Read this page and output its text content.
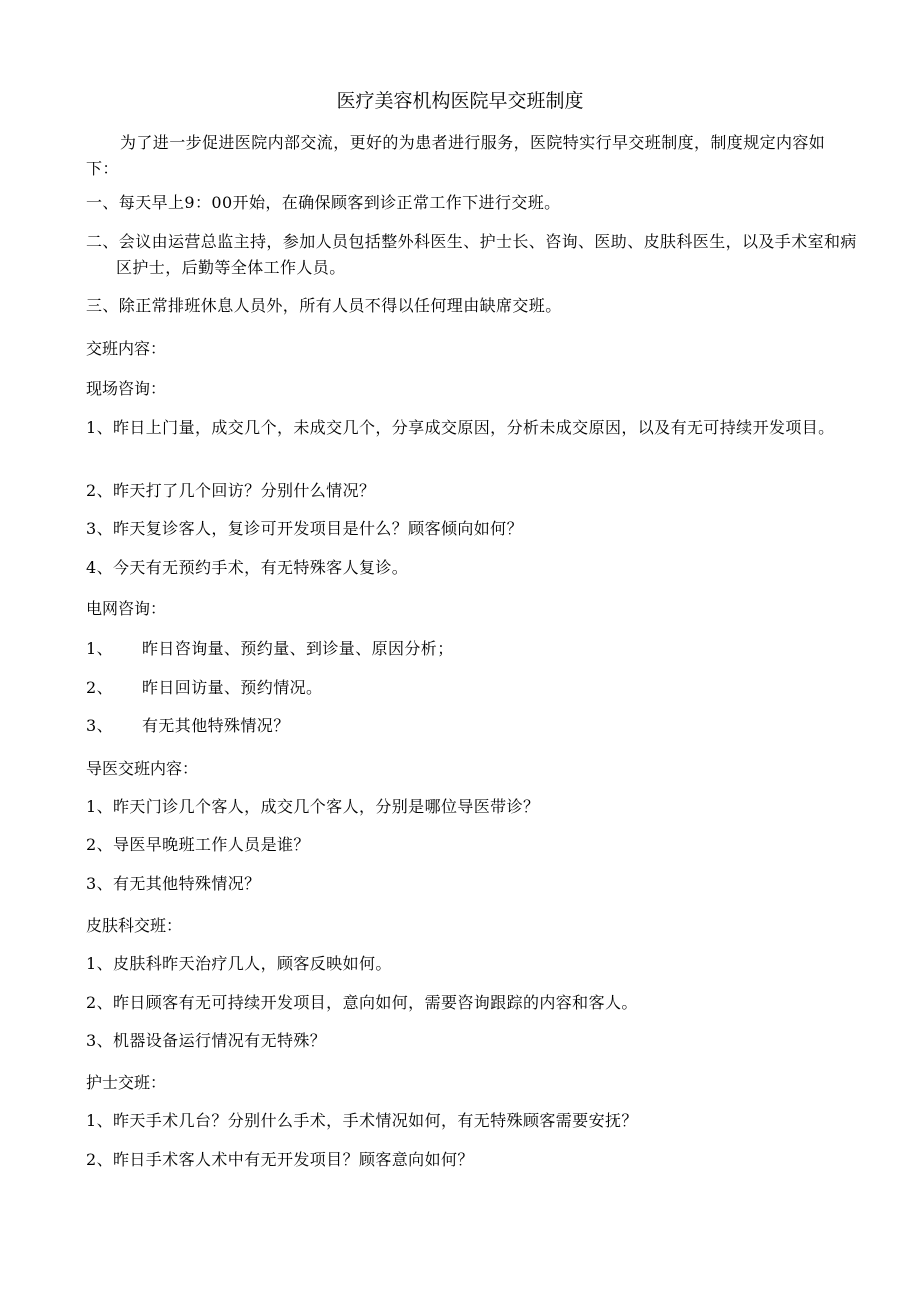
医疗美容机构医院早交班制度
为了进一步促进医院内部交流，更好的为患者进行服务，医院特实行早交班制度，制度规定内容如下：
一、每天早上9：00开始，在确保顾客到诊正常工作下进行交班。
二、会议由运营总监主持，参加人员包括整外科医生、护士长、咨询、医助、皮肤科医生，以及手术室和病区护士，后勤等全体工作人员。
三、除正常排班休息人员外，所有人员不得以任何理由缺席交班。
交班内容：
现场咨询：
1、昨日上门量，成交几个，未成交几个，分享成交原因，分析未成交原因，以及有无可持续开发项目。
2、昨天打了几个回访？分别什么情况？
3、昨天复诊客人，复诊可开发项目是什么？顾客倾向如何？
4、今天有无预约手术，有无特殊客人复诊。
电网咨询：
1、 昨日咨询量、预约量、到诊量、原因分析；
2、 昨日回访量、预约情况。
3、 有无其他特殊情况？
导医交班内容：
1、昨天门诊几个客人，成交几个客人，分别是哪位导医带诊？
2、导医早晚班工作人员是谁？
3、有无其他特殊情况？
皮肤科交班：
1、皮肤科昨天治疗几人，顾客反映如何。
2、昨日顾客有无可持续开发项目，意向如何，需要咨询跟踪的内容和客人。
3、机器设备运行情况有无特殊？
护士交班：
1、昨天手术几台？分别什么手术，手术情况如何，有无特殊顾客需要安抚？
2、昨日手术客人术中有无开发项目？顾客意向如何？
